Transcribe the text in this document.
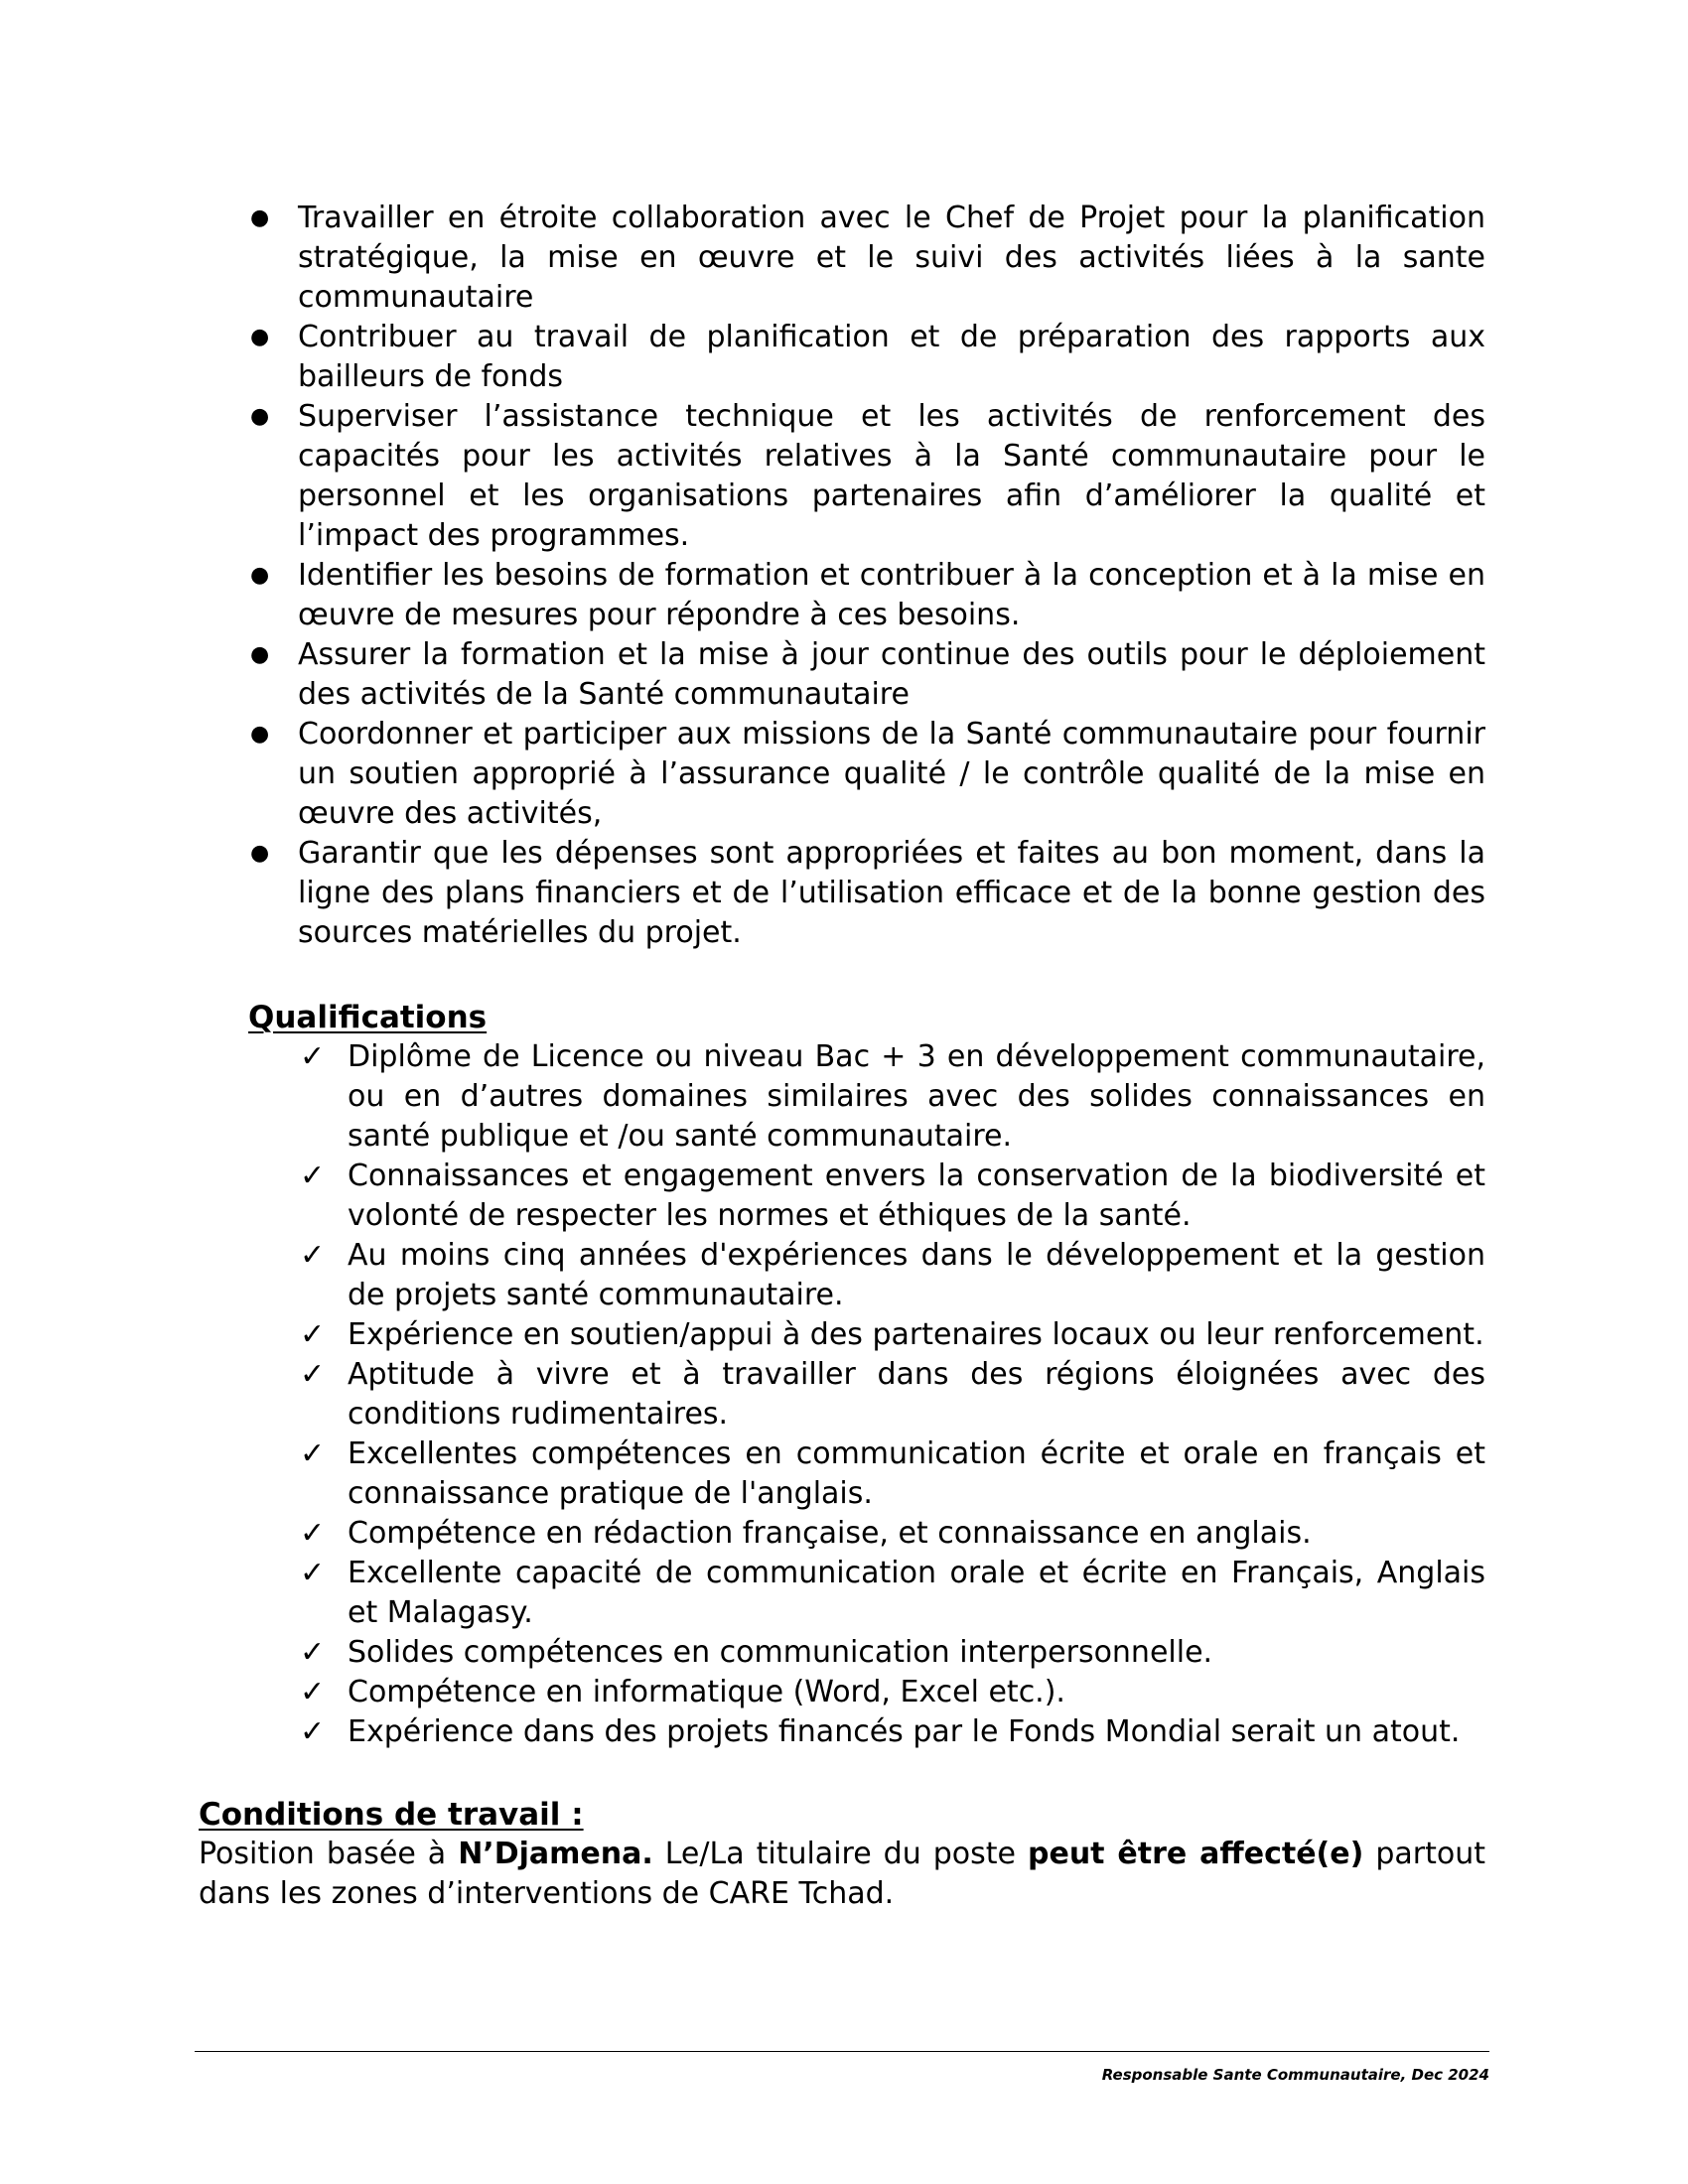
● Travailler en étroite collaboration avec le Chef de Projet pour la planification stratégique, la mise en œuvre et le suivi des activités liées à la sante communautaire
● Contribuer au travail de planification et de préparation des rapports aux bailleurs de fonds
● Superviser l’assistance technique et les activités de renforcement des capacités pour les activités relatives à la Santé communautaire pour le personnel et les organisations partenaires afin d’améliorer la qualité et l’impact des programmes.
● Identifier les besoins de formation et contribuer à la conception et à la mise en œuvre de mesures pour répondre à ces besoins.
● Assurer la formation et la mise à jour continue des outils pour le déploiement des activités de la Santé communautaire
● Coordonner et participer aux missions de la Santé communautaire pour fournir un soutien approprié à l’assurance qualité / le contrôle qualité de la mise en œuvre des activités,
● Garantir que les dépenses sont appropriées et faites au bon moment, dans la ligne des plans financiers et de l’utilisation efficace et de la bonne gestion des sources matérielles du projet.
Qualifications
✓ Diplôme de Licence ou niveau Bac + 3 en développement communautaire, ou en d’autres domaines similaires avec des solides connaissances en santé publique et /ou santé communautaire.
✓ Connaissances et engagement envers la conservation de la biodiversité et volonté de respecter les normes et éthiques de la santé.
✓ Au moins cinq années d'expériences dans le développement et la gestion de projets santé communautaire.
✓ Expérience en soutien/appui à des partenaires locaux ou leur renforcement.
✓ Aptitude à vivre et à travailler dans des régions éloignées avec des conditions rudimentaires.
✓ Excellentes compétences en communication écrite et orale en français et connaissance pratique de l'anglais.
✓ Compétence en rédaction française, et connaissance en anglais.
✓ Excellente capacité de communication orale et écrite en Français, Anglais et Malagasy.
✓ Solides compétences en communication interpersonnelle.
✓ Compétence en informatique (Word, Excel etc.).
✓ Expérience dans des projets financés par le Fonds Mondial serait un atout.
Conditions de travail :

Position basée à N’Djamena. Le/La titulaire du poste peut être affecté(e) partout dans les zones d’interventions de CARE Tchad.

Responsable Sante Communautaire, Dec 2024
